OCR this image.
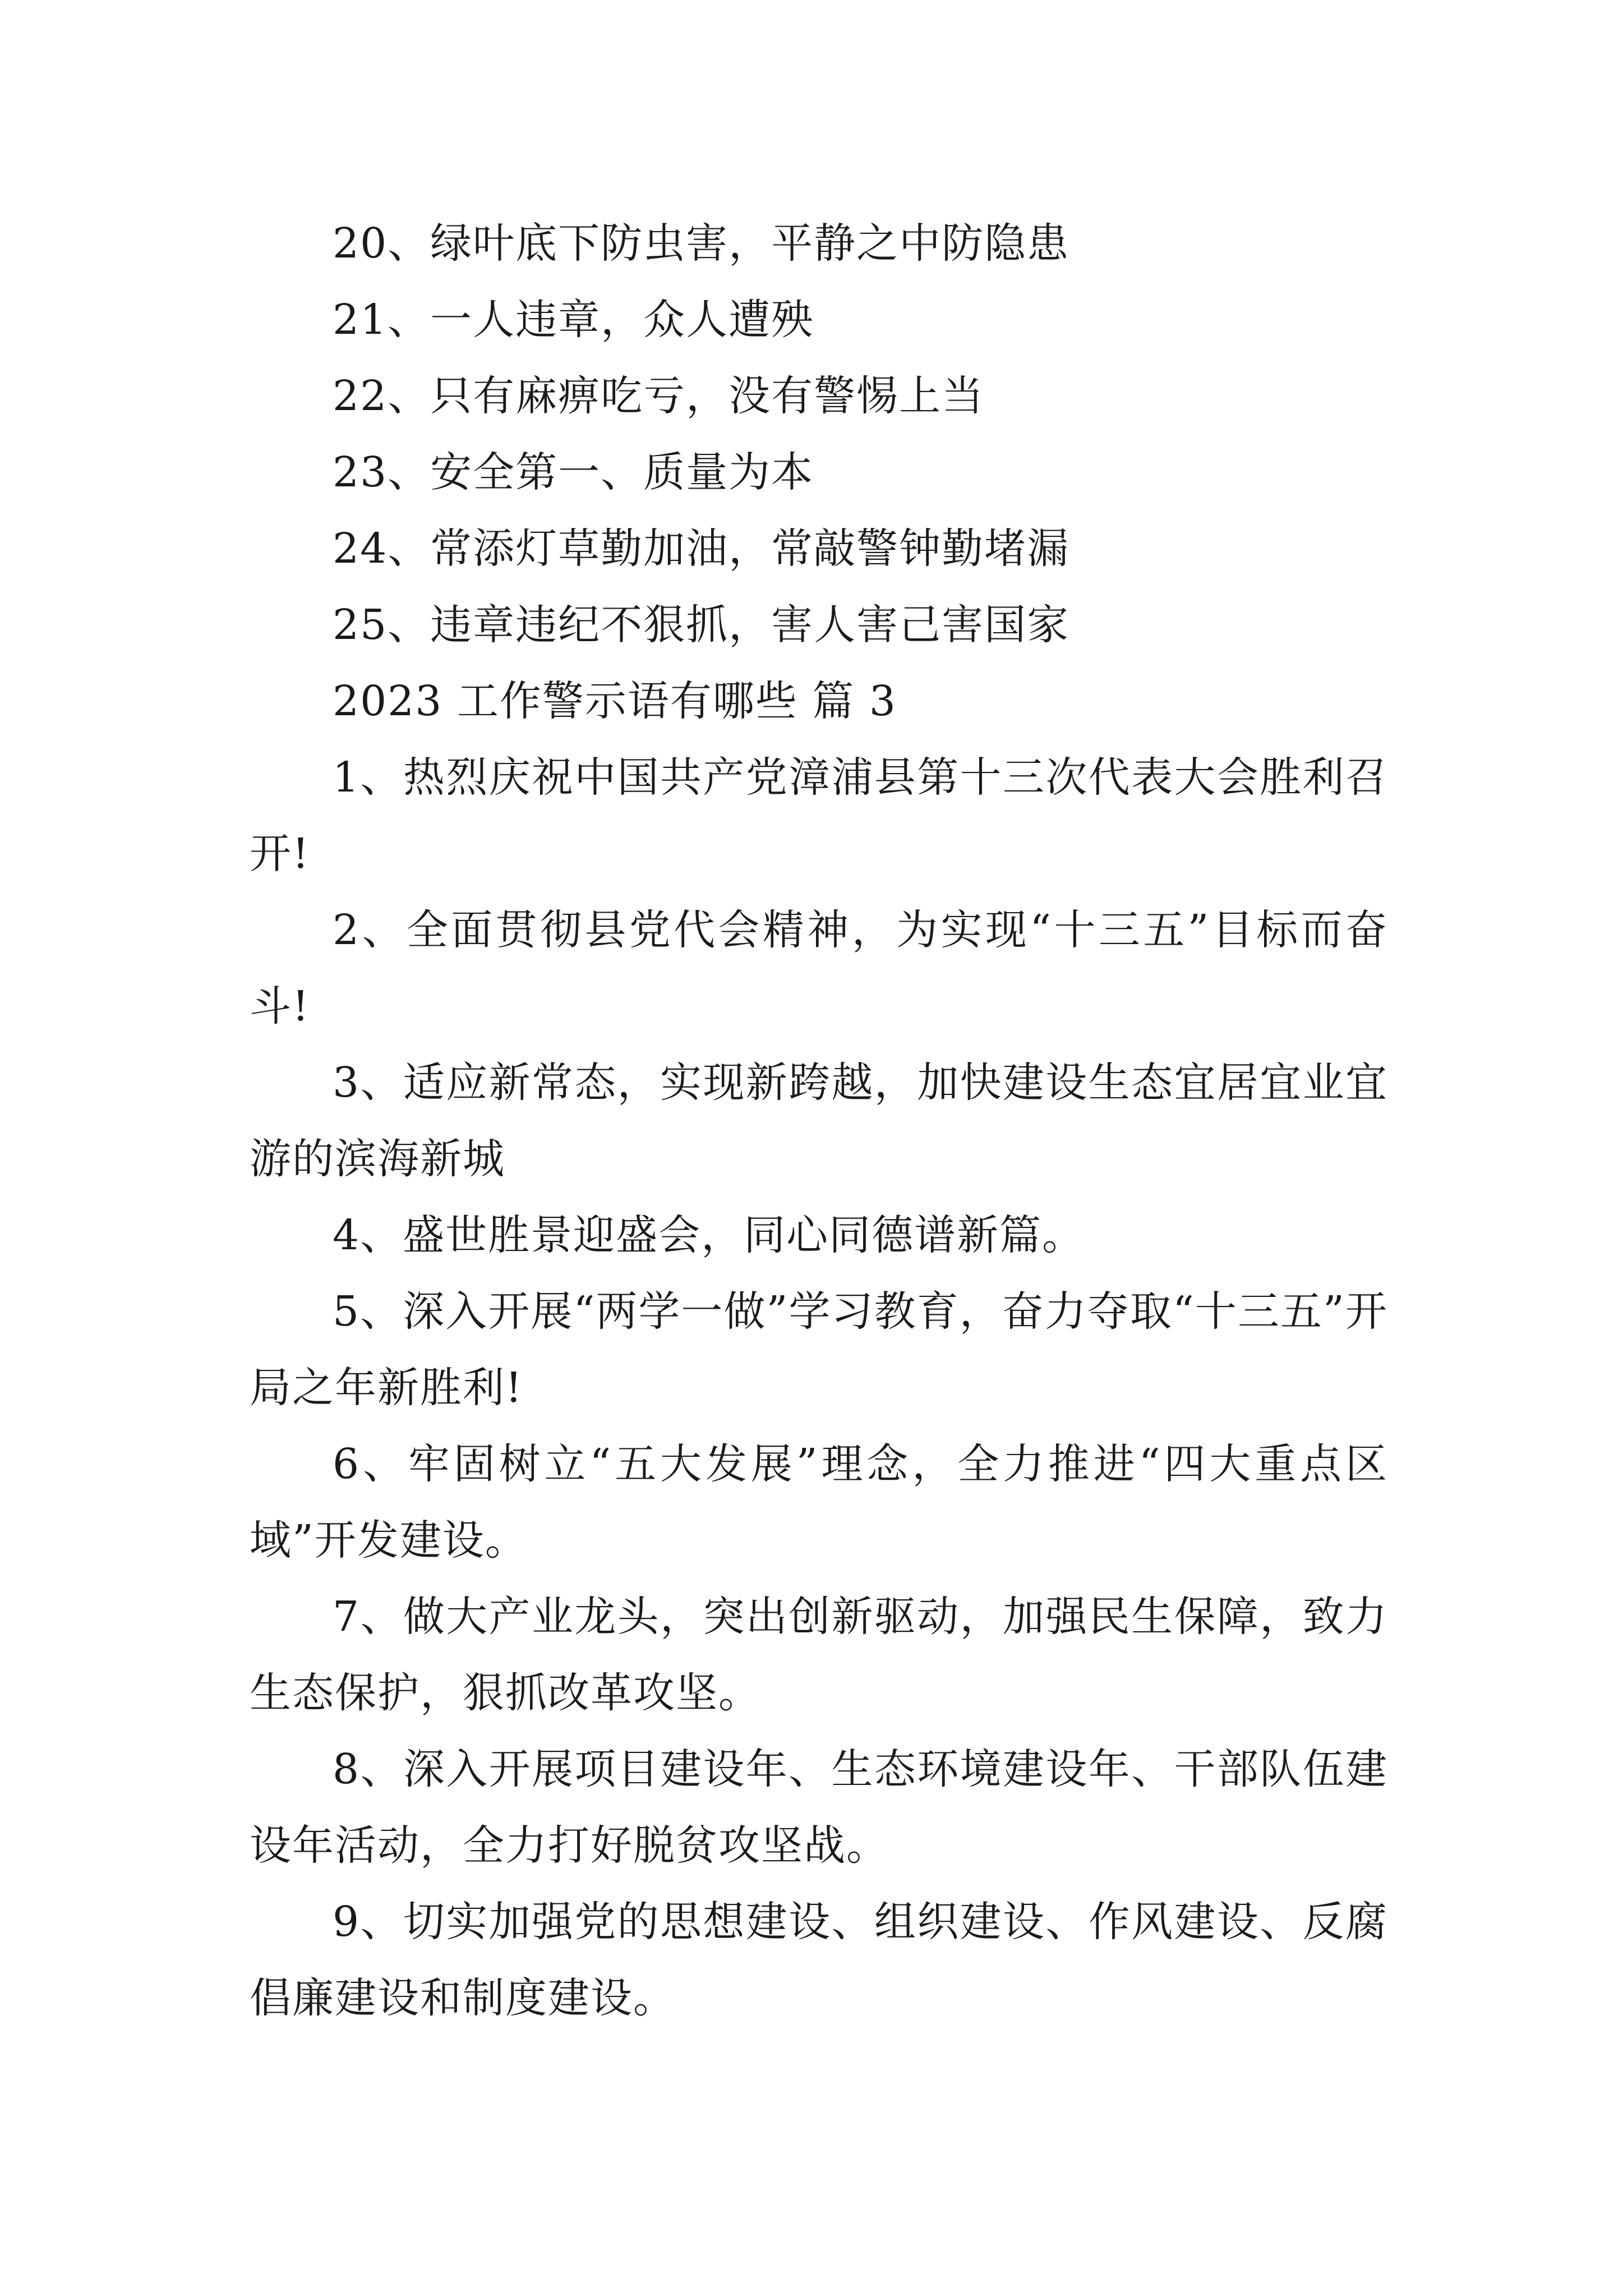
20、绿叶底下防虫害，平静之中防隐患
21、一人违章，众人遭殃
22、只有麻痹吃亏，没有警惕上当
23、安全第一、质量为本
24、常添灯草勤加油，常敲警钟勤堵漏
25、违章违纪不狠抓，害人害己害国家
2023 工作警示语有哪些 篇 3
1、热烈庆祝中国共产党漳浦县第十三次代表大会胜利召开!
2、全面贯彻县党代会精神，为实现“十三五”目标而奋斗!
3、适应新常态，实现新跨越，加快建设生态宜居宜业宜游的滨海新城
4、盛世胜景迎盛会，同心同德谱新篇。
5、深入开展“两学一做”学习教育，奋力夺取“十三五”开局之年新胜利!
6、牢固树立“五大发展”理念，全力推进“四大重点区域”开发建设。
7、做大产业龙头，突出创新驱动，加强民生保障，致力生态保护，狠抓改革攻坚。
8、深入开展项目建设年、生态环境建设年、干部队伍建设年活动，全力打好脱贫攻坚战。
9、切实加强党的思想建设、组织建设、作风建设、反腐倡廉建设和制度建设。
